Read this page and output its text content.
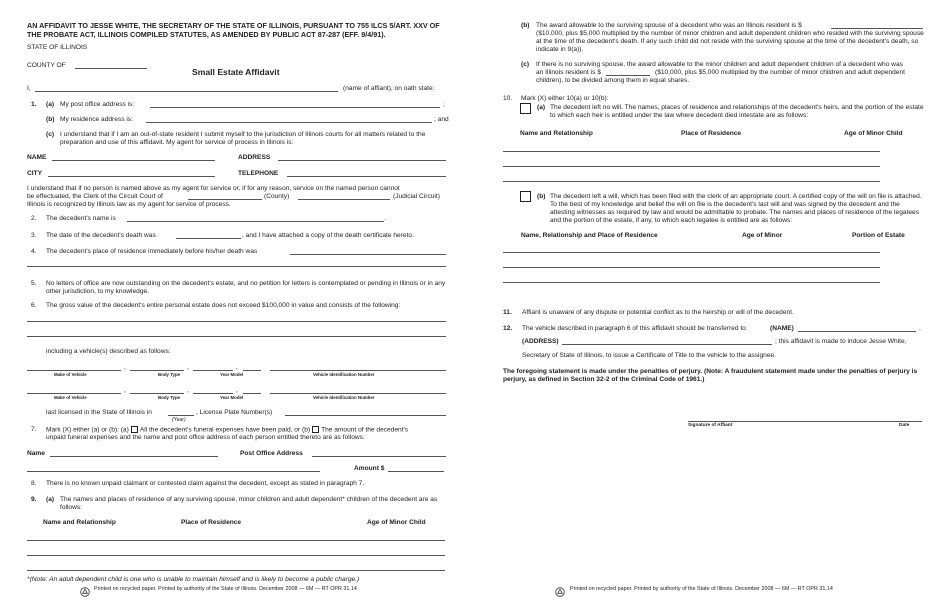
AN AFFIDAVIT TO JESSE WHITE, THE SECRETARY OF THE STATE OF ILLINOIS, PURSUANT TO 755 ILCS 5/ART. XXV OF
THE PROBATE ACT, ILLINOIS COMPILED STATUTES, AS AMENDED BY PUBLIC ACT 87-287 (EFF. 9/4/91).
STATE OF ILLINOIS
COUNTY OF
Small Estate Affidavit
I,	(name of affiant), on oath state:
1. (a) My post office address is:	;
(b) My residence address is:	; and
(c) I understand that if I am an out-of-state resident I submit myself to the jurisdiction of Illinois courts for all matters related to the preparation and use of this affidavit. My agent for service of process in Illinois is:
NAME	ADDRESS
CITY	TELEPHONE
I understand that if no person is named above as my agent for service or, if for any reason, service on the named person cannot
be effectuated, the Clerk of the Circuit Court of	(County)	(Judicial Circuit)
Illinois is recognized by Illinois law as my agent for service of process.
2. The decedent's name is	.
3. The date of the decedent's death was	, and I have attached a copy of the death certificate hereto.
4. The decedent's place of residence immediately before his/her death was
5. No letters of office are now outstanding on the decedent's estate, and no petition for letters is contemplated or pending in Illinois or in any other jurisdiction, to my knowledge.
6. The gross value of the decedent's entire personal estate does not exceed $100,000 in value and consists of the following:
including a vehicle(s) described as follows:
,	,	,
Make of Vehicle	Body Type	Year Model	Vehicle Identification Number
,	,	,
Make of Vehicle	Body Type	Year Model	Vehicle Identification Number
last licensed in the State of Illinois in	, License Plate Number(s)
(Year)
7. Mark (X) either (a) or (b): (a) All the decedent's funeral expenses have been paid, or (b) The amount of the decedent's
unpaid funeral expenses and the name and post office address of each person entitled thereto are as follows:
Name	Post Office Address
Amount $
8. There is no known unpaid claimant or contested claim against the decedent, except as stated in paragraph 7.
9. (a) The names and places of residence of any surviving spouse, minor children and adult dependent* children of the decedent are as follows:
Name and Relationship	Place of Residence	Age of Minor Child
*(Note: An adult dependent child is one who is unable to maintain himself and is likely to become a public charge.)
Printed on recycled paper. Printed by authority of the State of Illinois. December 2008 — 6M — RT OPR 31.14
(b) The award allowable to the surviving spouse of a decedent who was an Illinois resident is $
($10,000, plus $5,000 multiplied by the number of minor children and adult dependent children who resided with the surviving spouse at the time of the decedent's death. If any such child did not reside with the surviving spouse at the time of the decedent's death, so indicate in 9(a)).
(c) If there is no surviving spouse, the award allowable to the minor children and adult dependent children of a decedent who was
an Illinois resident is $	($10,000, plus $5,000 multiplied by the number of minor children and adult dependent
children), to be divided among them in equal shares.
10. Mark (X) either 10(a) or 10(b):
(a) The decedent left no will. The names, places of residence and relationships of the decedent's heirs, and the portion of the estate to which each heir is entitled under the law where decedent died intestate are as follows:
Name and Relationship	Place of Residence	Age of Minor Child
(b) The decedent left a will, which has been filed with the clerk of an appropriate court. A certified copy of the will on file is attached. To the best of my knowledge and belief the will on file is the decedent's last will and was signed by the decedent and the attesting witnesses as required by law and would be admittable to probate. The names and places of residence of the legatees and the portion of the estate, if any, to which each legatee is entitled are as follows:
Name, Relationship and Place of Residence	Age of Minor	Portion of Estate
11. Affiant is unaware of any dispute or potential conflict as to the heirship or will of the decedent.
12. The vehicle described in paragraph 6 of this affidavit should be transferred to	(NAME)	,
(ADDRESS)	; this affidavit is made to induce Jesse White,
Secretary of State of Illinois, to issue a Certificate of Title to the vehicle to the assignee.
The foregoing statement is made under the penalties of perjury. (Note: A fraudulent statement made under the penalties of perjury is perjury, as defined in Section 32-2 of the Criminal Code of 1961.)
Signature of Affiant	Date
Printed on recycled paper. Printed by authority of the State of Illinois. December 2008 — 6M — RT OPR 31.14
